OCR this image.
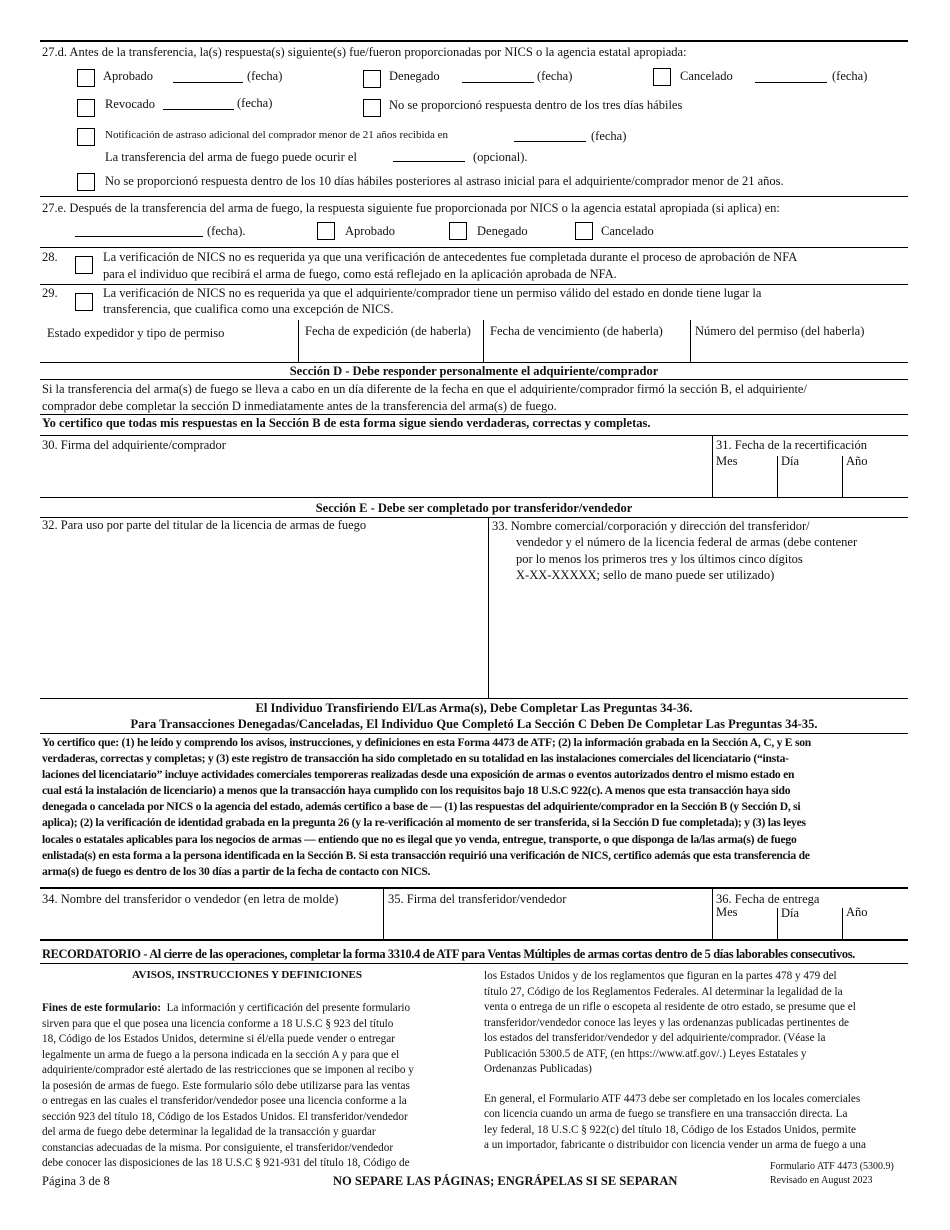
27.d. Antes de la transferencia, la(s) respuesta(s) siguiente(s) fue/fueron proporcionadas por NICS o la agencia estatal apropiada:
Aprobado	(fecha)	Denegado	(fecha)	Cancelado	(fecha)
Revocado	(fecha)	No se proporcionó respuesta dentro de los tres días hábiles
Notificación de astraso adicional del comprador menor de 21 años recibida en	(fecha)
La transferencia del arma de fuego puede ocurir el	(opcional).
No se proporcionó respuesta dentro de los 10 días hábiles posteriores al astraso inicial para el adquiriente/comprador menor de 21 años.
27.e. Después de la transferencia del arma de fuego, la respuesta siguiente fue proporcionada por NICS o la agencia estatal apropiada (si aplica) en:
(fecha).	Aprobado	Denegado	Cancelado
28.	La verificación de NICS no es requerida ya que una verificación de antecedentes fue completada durante el proceso de aprobación de NFA
para el individuo que recibirá el arma de fuego, como está reflejado en la aplicación aprobada de NFA.
29.	La verificación de NICS no es requerida ya que el adquiriente/comprador tiene un permiso válido del estado en donde tiene lugar la
transferencia, que cualifica como una excepción de NICS.
Estado expedidor y tipo de permiso	Fecha de expedición (de haberla) Fecha de vencimiento (de haberla)	Número del permiso (del haberla)
Sección D - Debe responder personalmente el adquiriente/comprador
Si la transferencia del arma(s) de fuego se lleva a cabo en un día diferente de la fecha en que el adquiriente/comprador firmó la sección B, el adquiriente/
comprador debe completar la sección D inmediatamente antes de la transferencia del arma(s) de fuego.
Yo certifico que todas mis respuestas en la Sección B de esta forma sigue siendo verdaderas, correctas y completas.
30. Firma del adquiriente/comprador	31. Fecha de la recertificación
Mes	Día	Año
Sección E - Debe ser completado por transferidor/vendedor
32. Para uso por parte del titular de la licencia de armas de fuego	33. Nombre comercial/corporación y dirección del transferidor/
vendedor y el número de la licencia federal de armas (debe contener
por lo menos los primeros tres y los últimos cinco dígitos
X-XX-XXXXX; sello de mano puede ser utilizado)
El Individuo Transfiriendo El/Las Arma(s), Debe Completar Las Preguntas 34-36.
Para Transacciones Denegadas/Canceladas, El Individuo Que Completó La Sección C Deben De Completar Las Preguntas 34-35.
Yo certifico que: (1) he leído y comprendo los avisos, instrucciones, y definiciones en esta Forma 4473 de ATF; (2) la información grabada en la Sección A, C, y E son
verdaderas, correctas y completas; y (3) este registro de transacción ha sido completado en su totalidad en las instalaciones comerciales del licenciatario (“insta-
laciones del licenciatario” incluye actividades comerciales temporeras realizadas desde una exposición de armas o eventos autorizados dentro el mismo estado en
cual está la instalación de licenciario) a menos que la transacción haya cumplido con los requisitos bajo 18 U.S.C 922(c). A menos que esta transacción haya sido
denegada o cancelada por NICS o la agencia del estado, además certifico a base de — (1) las respuestas del adquiriente/comprador en la Sección B (y Sección D, si
aplica); (2) la verificación de identidad grabada en la pregunta 26 (y la re-verificación al momento de ser transferida, si la Sección D fue completada); y (3) las leyes
locales o estatales aplicables para los negocios de armas — entiendo que no es ilegal que yo venda, entregue, transporte, o que disponga de la/las arma(s) de fuego
enlistada(s) en esta forma a la persona identificada en la Sección B. Si esta transacción requirió una verificación de NICS, certifico además que esta transferencia de
arma(s) de fuego es dentro de los 30 días a partir de la fecha de contacto con NICS.
34. Nombre del transferidor o vendedor (en letra de molde)	35. Firma del transferidor/vendedor	36. Fecha de entrega
Mes	Día	Año
RECORDATORIO - Al cierre de las operaciones, completar la forma 3310.4 de ATF para Ventas Múltiples de armas cortas dentro de 5 días laborables consecutivos.
AVISOS, INSTRUCCIONES Y DEFINICIONES
Fines de este formulario: La información y certificación del presente formulario
sirven para que el que posea una licencia conforme a 18 U.S.C § 923 del título
18, Código de los Estados Unidos, determine si él/ella puede vender o entregar
legalmente un arma de fuego a la persona indicada en la sección A y para que el
adquiriente/comprador esté alertado de las restricciones que se imponen al recibo y
la posesión de armas de fuego. Este formulario sólo debe utilizarse para las ventas
o entregas en las cuales el transferidor/vendedor posee una licencia conforme a la
sección 923 del título 18, Código de los Estados Unidos. El transferidor/vendedor
del arma de fuego debe determinar la legalidad de la transacción y guardar
constancias adecuadas de la misma. Por consiguiente, el transferidor/vendedor
debe conocer las disposiciones de las 18 U.S.C § 921-931 del título 18, Código de
los Estados Unidos y de los reglamentos que figuran en la partes 478 y 479 del
título 27, Código de los Reglamentos Federales. Al determinar la legalidad de la
venta o entrega de un rifle o escopeta al residente de otro estado, se presume que el
transferidor/vendedor conoce las leyes y las ordenanzas publicadas pertinentes de
los estados del transferidor/vendedor y del adquiriente/comprador. (Véase la
Publicación 5300.5 de ATF, (en https://www.atf.gov/.) Leyes Estatales y
Ordenanzas Publicadas)
En general, el Formulario ATF 4473 debe ser completado en los locales comerciales
con licencia cuando un arma de fuego se transfiere en una transacción directa. La
ley federal, 18 U.S.C § 922(c) del título 18, Código de los Estados Unidos, permite
a un importador, fabricante o distribuidor con licencia vender un arma de fuego a una
Página 3 de 8	NO SEPARE LAS PÁGINAS; ENGRÁPELAS SI SE SEPARAN
Formulario ATF 4473 (5300.9)
Revisado en August 2023
